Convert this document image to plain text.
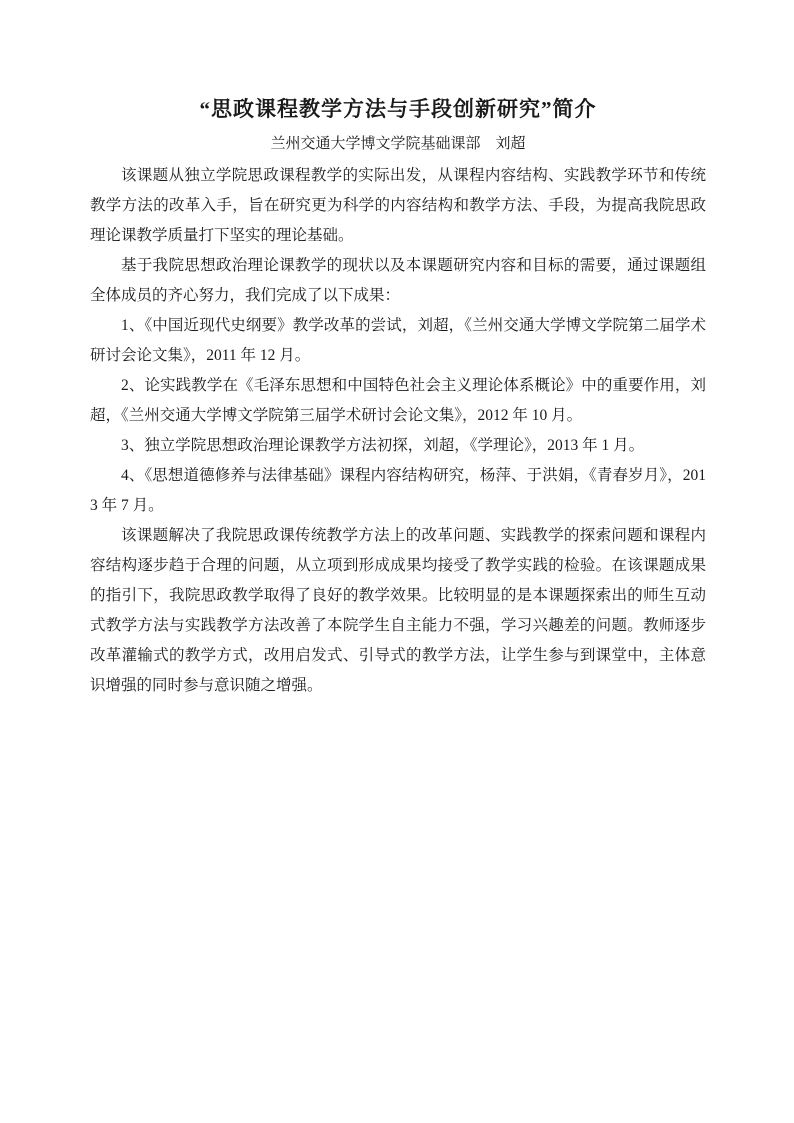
“思政课程教学方法与手段创新研究”简介
兰州交通大学博文学院基础课部　刘超

该课题从独立学院思政课程教学的实际出发，从课程内容结构、实践教学环节和传统教学方法的改革入手，旨在研究更为科学的内容结构和教学方法、手段，为提高我院思政理论课教学质量打下坚实的理论基础。

基于我院思想政治理论课教学的现状以及本课题研究内容和目标的需要，通过课题组全体成员的齐心努力，我们完成了以下成果：

1、《中国近现代史纲要》教学改革的尝试，刘超，《兰州交通大学博文学院第二届学术研讨会论文集》，2011 年 12 月。

2、论实践教学在《毛泽东思想和中国特色社会主义理论体系概论》中的重要作用，刘超，《兰州交通大学博文学院第三届学术研讨会论文集》，2012 年 10 月。

3、独立学院思想政治理论课教学方法初探，刘超，《学理论》，2013 年 1 月。

4、《思想道德修养与法律基础》课程内容结构研究，杨萍、于洪娟，《青春岁月》，2013 年 7 月。

该课题解决了我院思政课传统教学方法上的改革问题、实践教学的探索问题和课程内容结构逐步趋于合理的问题，从立项到形成成果均接受了教学实践的检验。在该课题成果的指引下，我院思政教学取得了良好的教学效果。比较明显的是本课题探索出的师生互动式教学方法与实践教学方法改善了本院学生自主能力不强，学习兴趣差的问题。教师逐步改革灌输式的教学方式，改用启发式、引导式的教学方法，让学生参与到课堂中，主体意识增强的同时参与意识随之增强。
